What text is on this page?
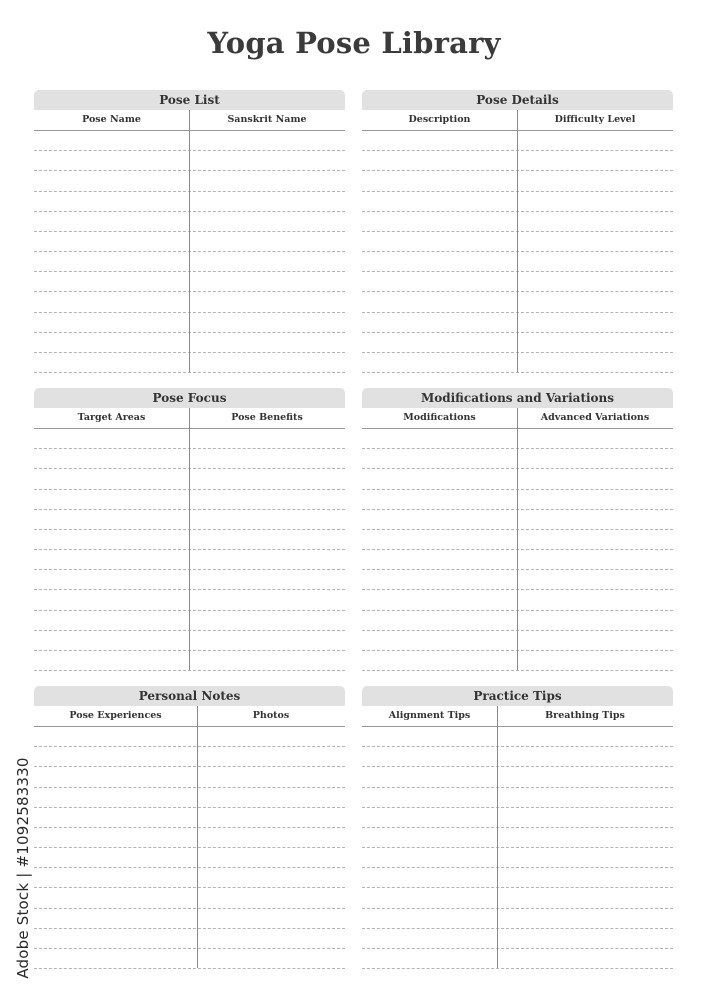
Yoga Pose Library
Pose List
Pose Name	Sanskrit Name
Pose Details
Description	Difficulty Level
Pose Focus
Target Areas	Pose Benefits
Modifications and Variations
Modifications	Advanced Variations
Personal Notes
Pose Experiences	Photos
Practice Tips
Alignment Tips	Breathing Tips
Adobe Stock | #1092583330
